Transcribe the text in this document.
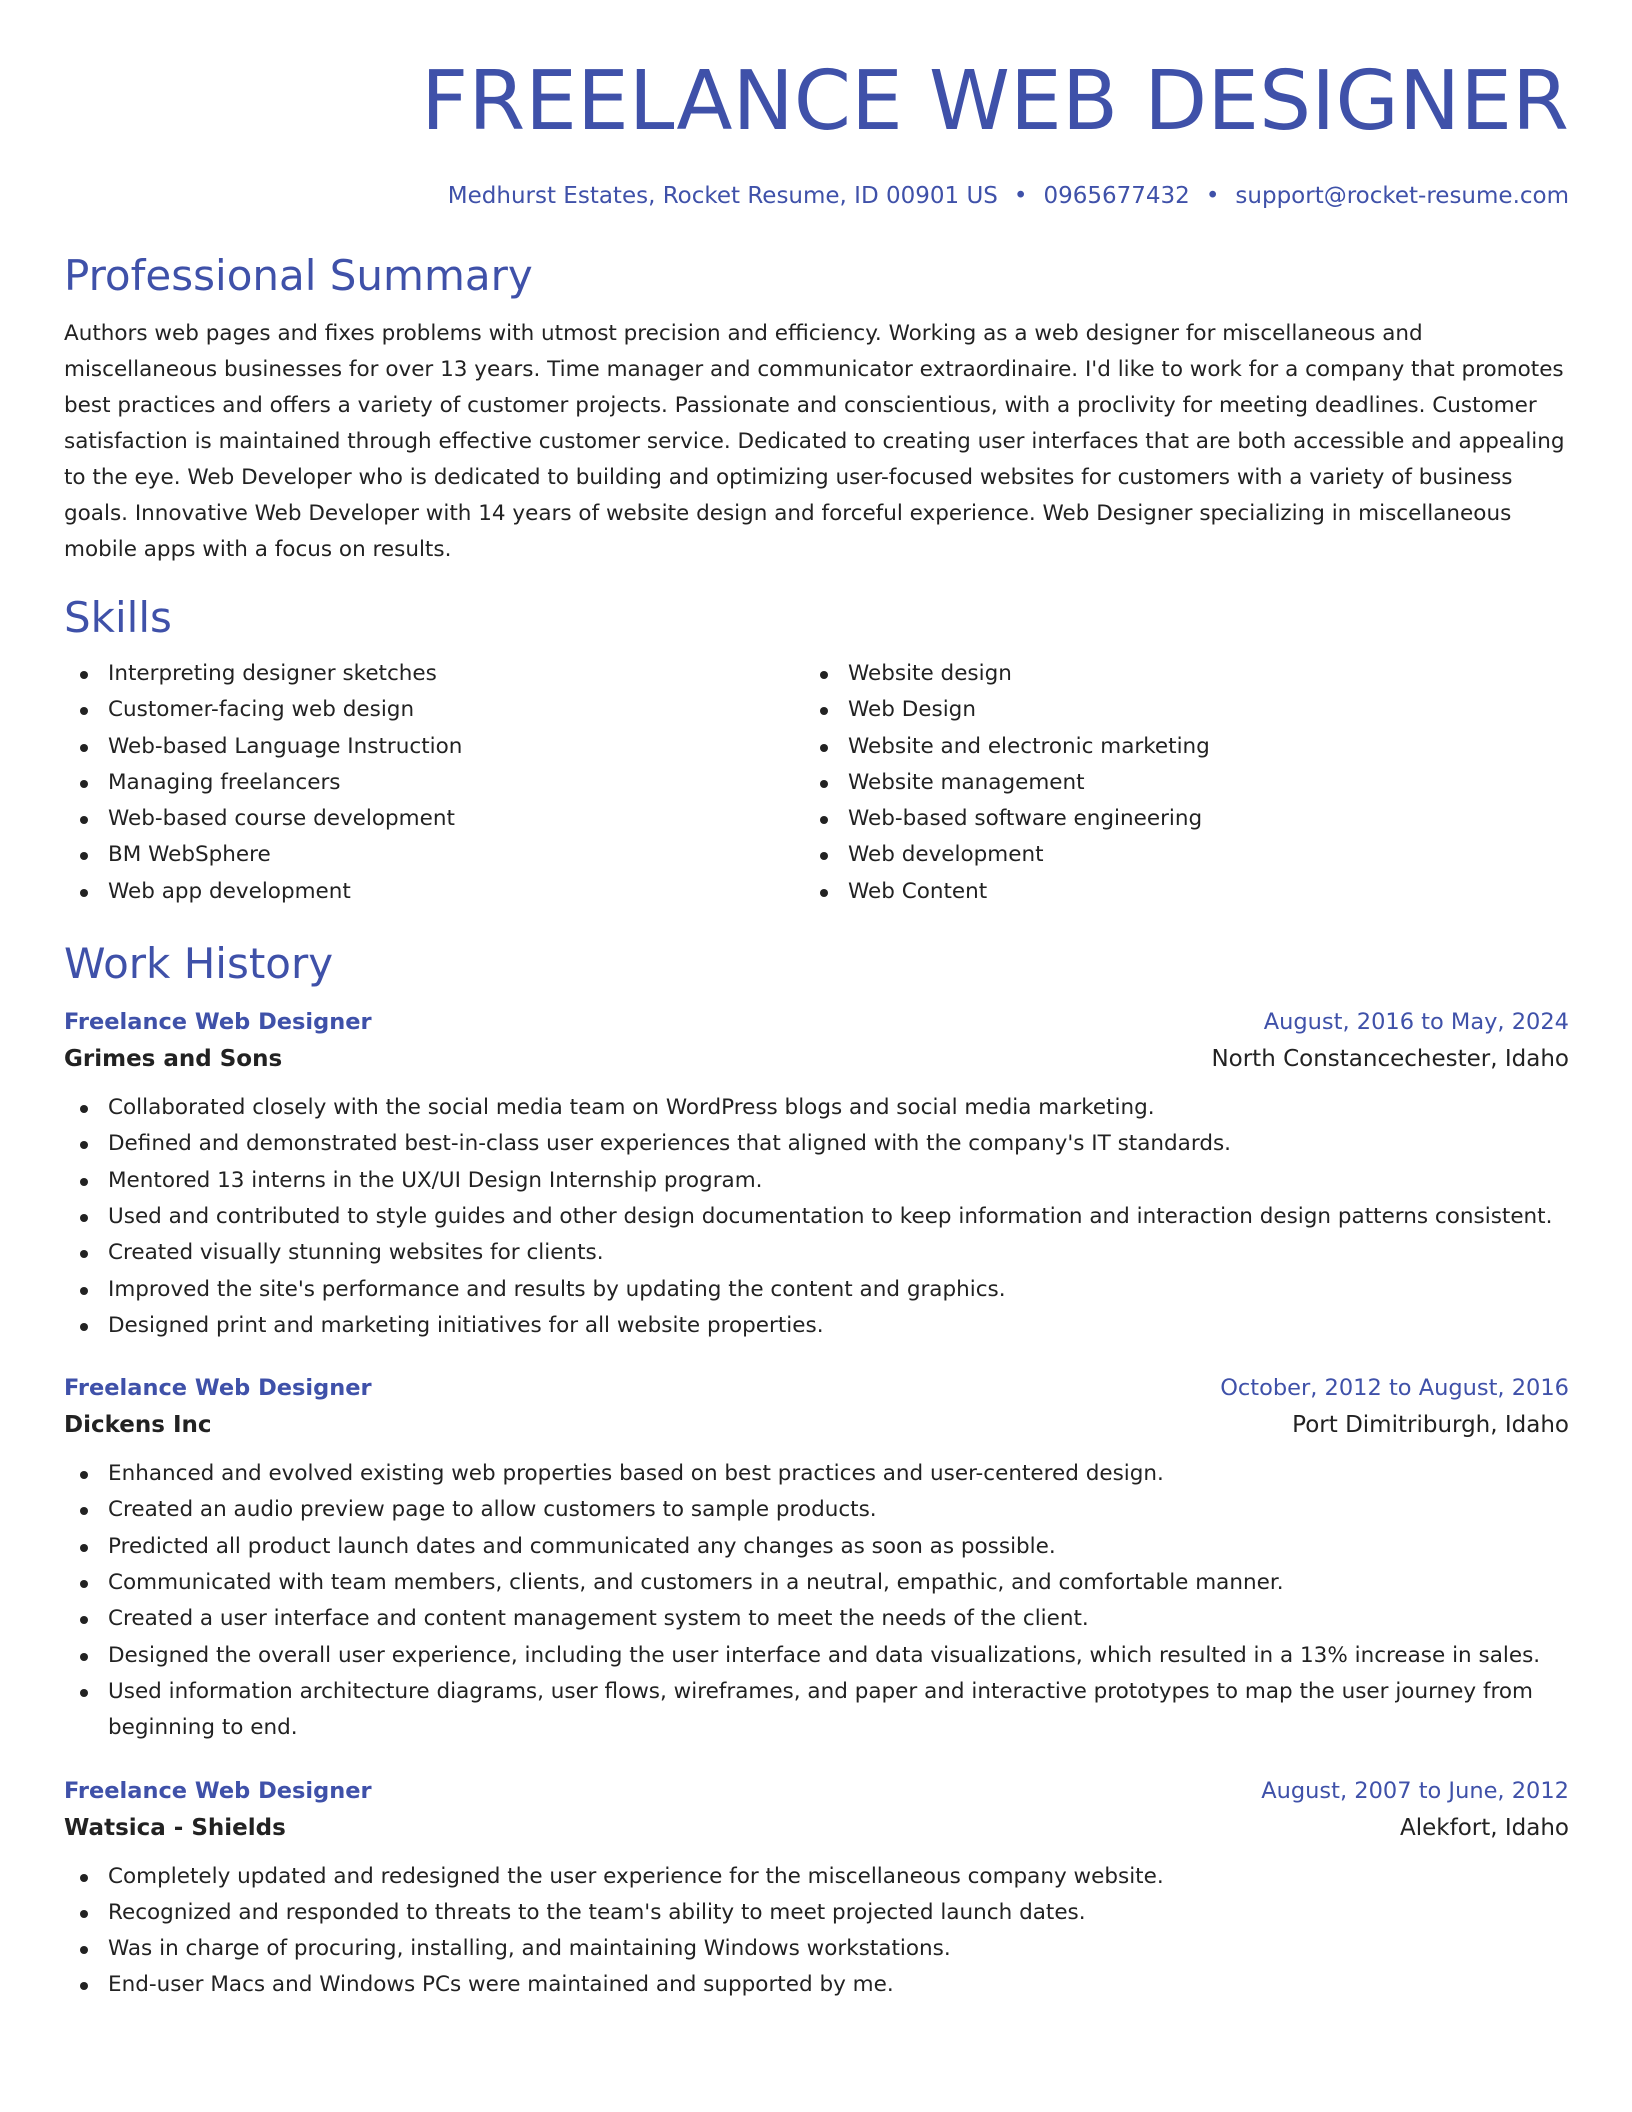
FREELANCE WEB DESIGNER
Medhurst Estates, Rocket Resume, ID 00901 US • 0965677432 • support@rocket-resume.com
Professional Summary

Authors web pages and fixes problems with utmost precision and efficiency. Working as a web designer for miscellaneous and miscellaneous businesses for over 13 years. Time manager and communicator extraordinaire. I'd like to work for a company that promotes best practices and offers a variety of customer projects. Passionate and conscientious, with a proclivity for meeting deadlines. Customer satisfaction is maintained through effective customer service. Dedicated to creating user interfaces that are both accessible and appealing to the eye. Web Developer who is dedicated to building and optimizing user-focused websites for customers with a variety of business goals. Innovative Web Developer with 14 years of website design and forceful experience. Web Designer specializing in miscellaneous mobile apps with a focus on results.

Skills
Interpreting designer sketches
Customer-facing web design
Web-based Language Instruction
Managing freelancers
Web-based course development
BM WebSphere
Web app development
Website design
Web Design
Website and electronic marketing
Website management
Web-based software engineering
Web development
Web Content
Work History
Freelance Web Designer	August, 2016 to May, 2024
Grimes and Sons	North Constancechester, Idaho
Collaborated closely with the social media team on WordPress blogs and social media marketing.
Defined and demonstrated best-in-class user experiences that aligned with the company's IT standards.
Mentored 13 interns in the UX/UI Design Internship program.
Used and contributed to style guides and other design documentation to keep information and interaction design patterns consistent.
Created visually stunning websites for clients.
Improved the site's performance and results by updating the content and graphics.
Designed print and marketing initiatives for all website properties.
Freelance Web Designer	October, 2012 to August, 2016
Dickens Inc	Port Dimitriburgh, Idaho
Enhanced and evolved existing web properties based on best practices and user-centered design.
Created an audio preview page to allow customers to sample products.
Predicted all product launch dates and communicated any changes as soon as possible.
Communicated with team members, clients, and customers in a neutral, empathic, and comfortable manner.
Created a user interface and content management system to meet the needs of the client.
Designed the overall user experience, including the user interface and data visualizations, which resulted in a 13% increase in sales.
Used information architecture diagrams, user flows, wireframes, and paper and interactive prototypes to map the user journey from beginning to end.
Freelance Web Designer	August, 2007 to June, 2012
Watsica - Shields	Alekfort, Idaho
Completely updated and redesigned the user experience for the miscellaneous company website.
Recognized and responded to threats to the team's ability to meet projected launch dates.
Was in charge of procuring, installing, and maintaining Windows workstations.
End-user Macs and Windows PCs were maintained and supported by me.
